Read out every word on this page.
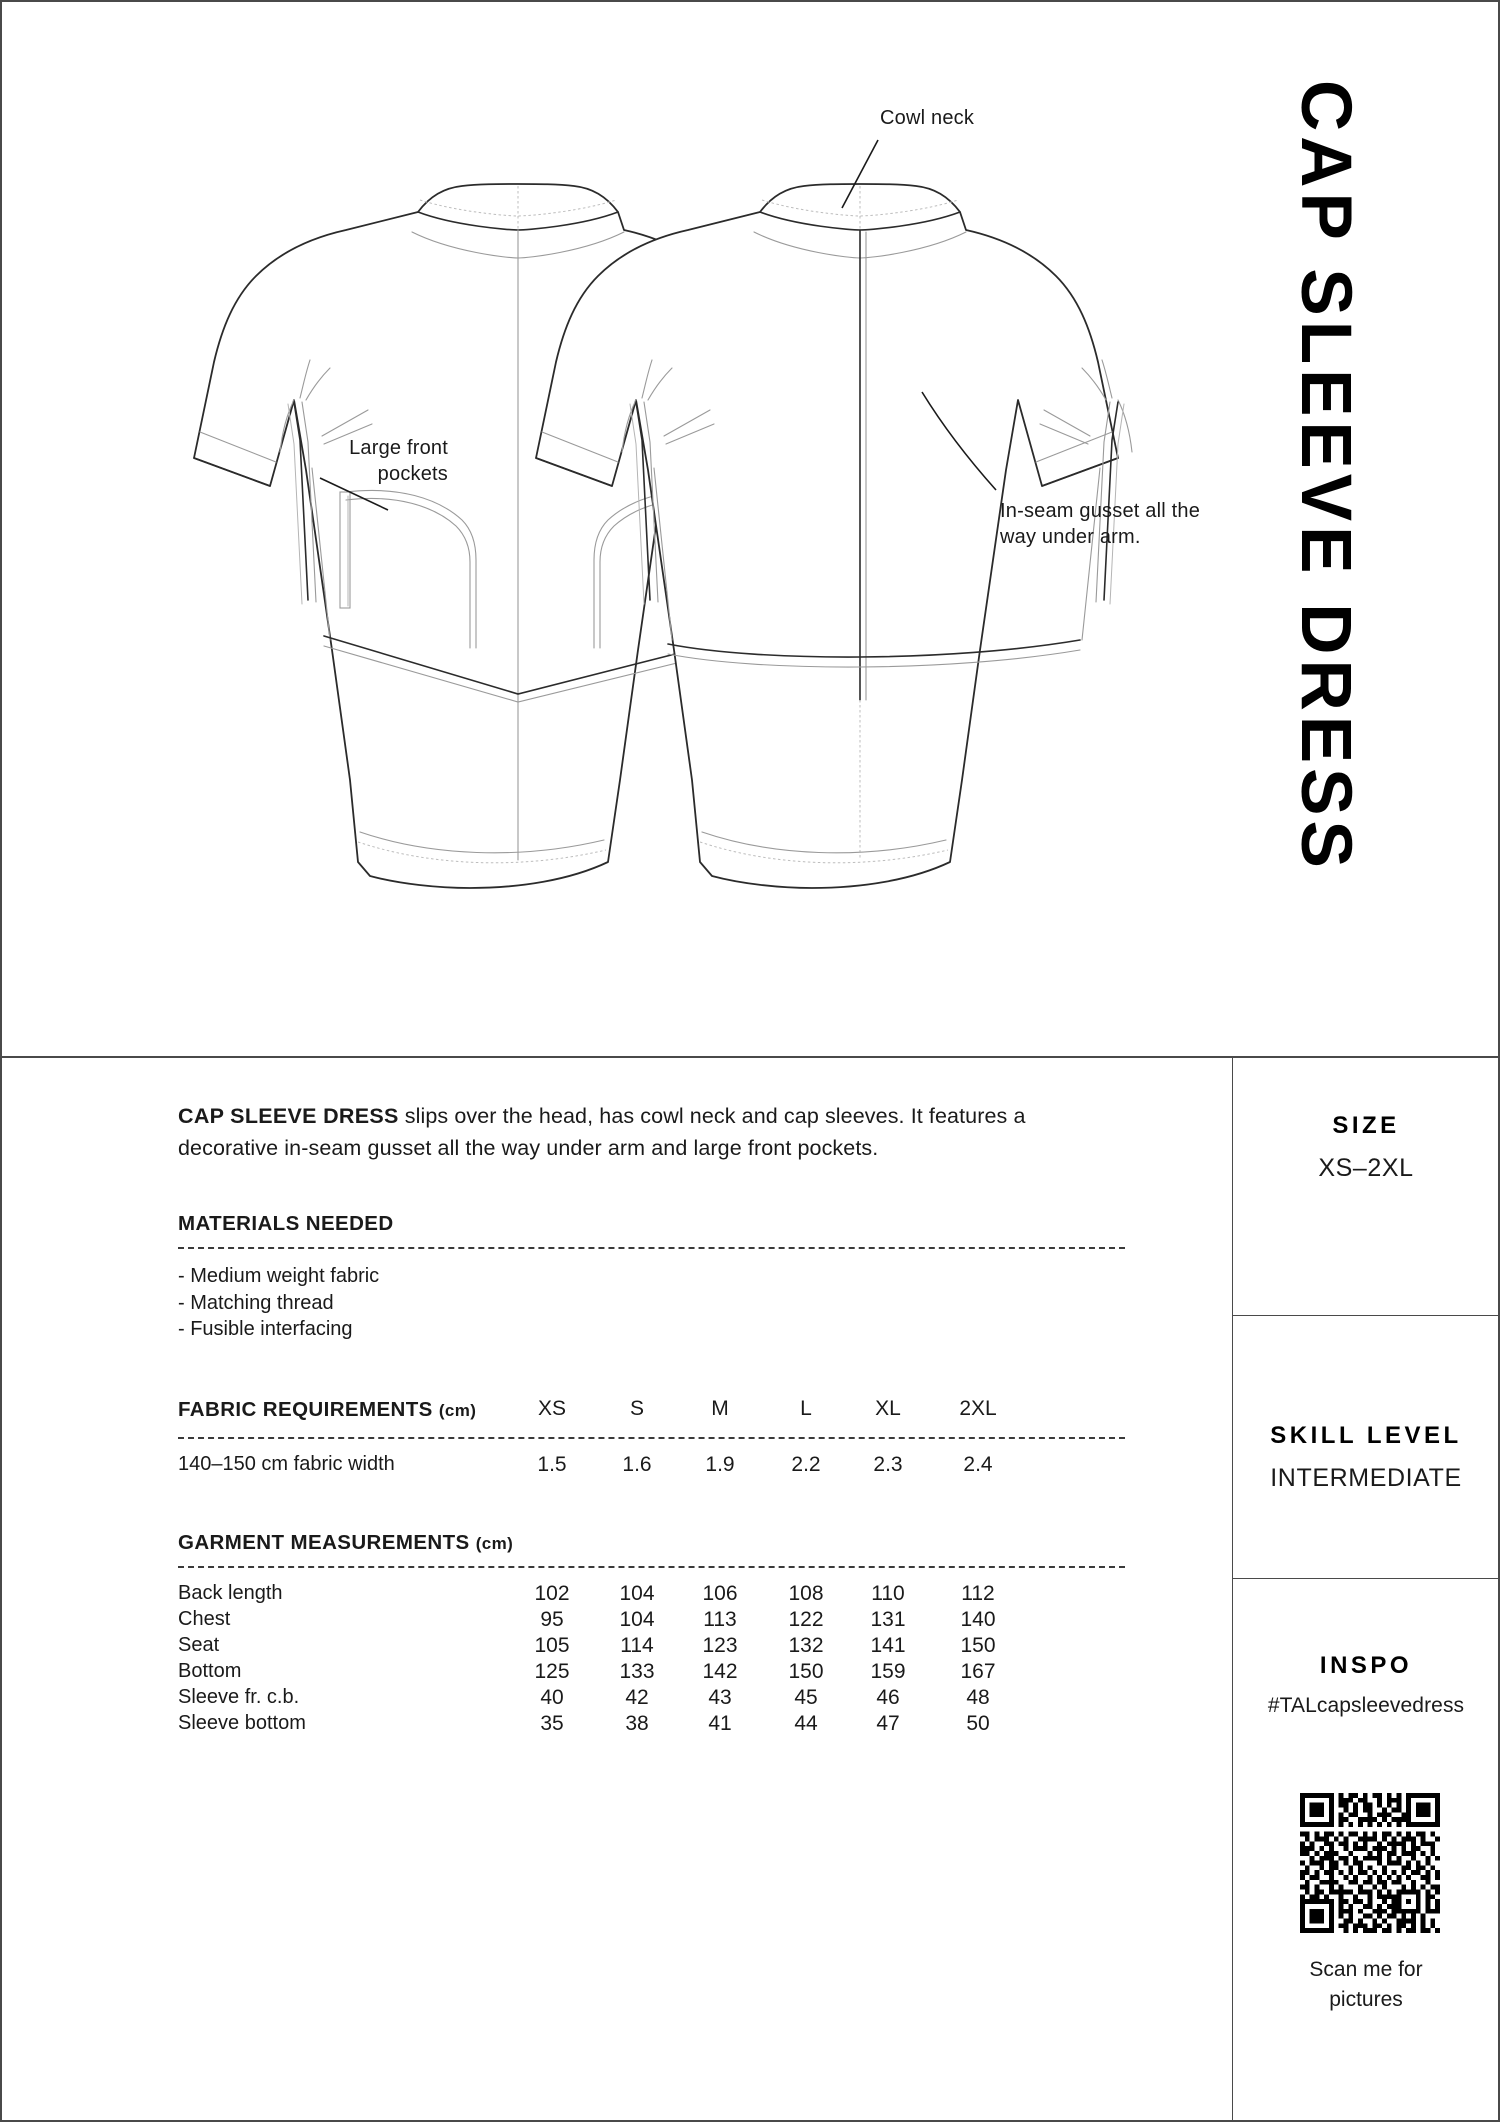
CAP SLEEVE DRESS
Cowl neck
Large front
pockets
In-seam gusset all the
way under arm.

CAP SLEEVE DRESS slips over the head, has cowl neck and cap sleeves. It features a decorative in-seam gusset all the way under arm and large front pockets.

MATERIALS NEEDED
- Medium weight fabric
- Matching thread
- Fusible interfacing
FABRIC REQUIREMENTS (cm)	XS	S	M	L	XL	2XL
140–150 cm fabric width	1.5	1.6	1.9	2.2	2.3	2.4
GARMENT MEASUREMENTS (cm)
Back length	102	104	106	108	110	112
Chest	95	104	113	122	131	140
Seat	105	114	123	132	141	150
Bottom	125	133	142	150	159	167
Sleeve fr. c.b.	40	42	43	45	46	48
Sleeve bottom	35	38	41	44	47	50
SIZE
XS–2XL
SKILL LEVEL
INTERMEDIATE
INSPO
#TALcapsleevedress
Scan me for
pictures
